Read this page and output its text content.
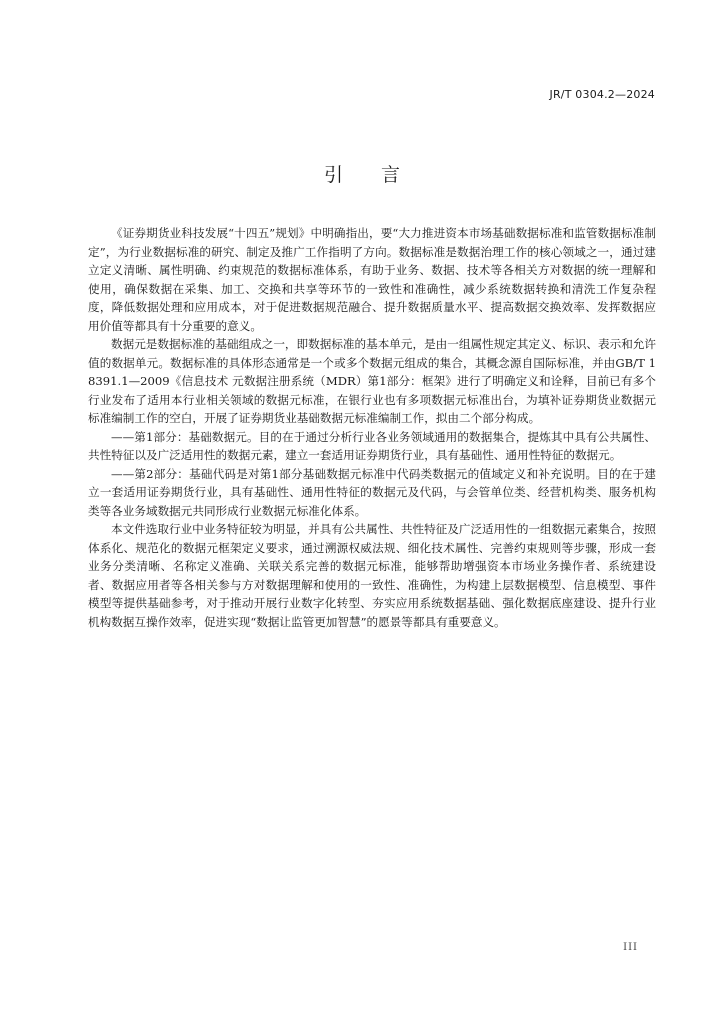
JR/T 0304.2—2024
引言

《证券期货业科技发展“十四五”规划》中明确指出，要“大力推进资本市场基础数据标准和监管数据标准制定”，为行业数据标准的研究、制定及推广工作指明了方向。数据标准是数据治理工作的核心领域之一，通过建立定义清晰、属性明确、约束规范的数据标准体系，有助于业务、数据、技术等各相关方对数据的统一理解和使用，确保数据在采集、加工、交换和共享等环节的一致性和准确性，减少系统数据转换和清洗工作复杂程度，降低数据处理和应用成本，对于促进数据规范融合、提升数据质量水平、提高数据交换效率、发挥数据应用价值等都具有十分重要的意义。

数据元是数据标准的基础组成之一，即数据标准的基本单元，是由一组属性规定其定义、标识、表示和允许值的数据单元。数据标准的具体形态通常是一个或多个数据元组成的集合，其概念源自国际标准，并由GB/T 18391.1—2009《信息技术 元数据注册系统（MDR）第1部分：框架》进行了明确定义和诠释，目前已有多个行业发布了适用本行业相关领域的数据元标准，在银行业也有多项数据元标准出台，为填补证券期货业数据元标准编制工作的空白，开展了证券期货业基础数据元标准编制工作，拟由二个部分构成。

——第1部分：基础数据元。目的在于通过分析行业各业务领域通用的数据集合，提炼其中具有公共属性、共性特征以及广泛适用性的数据元素，建立一套适用证券期货行业，具有基础性、通用性特征的数据元。

——第2部分：基础代码是对第1部分基础数据元标准中代码类数据元的值域定义和补充说明。目的在于建立一套适用证券期货行业，具有基础性、通用性特征的数据元及代码，与会管单位类、经营机构类、服务机构类等各业务域数据元共同形成行业数据元标准化体系。

本文件选取行业中业务特征较为明显，并具有公共属性、共性特征及广泛适用性的一组数据元素集合，按照体系化、规范化的数据元框架定义要求，通过溯源权威法规、细化技术属性、完善约束规则等步骤，形成一套业务分类清晰、名称定义准确、关联关系完善的数据元标准，能够帮助增强资本市场业务操作者、系统建设者、数据应用者等各相关参与方对数据理解和使用的一致性、准确性，为构建上层数据模型、信息模型、事件模型等提供基础参考，对于推动开展行业数字化转型、夯实应用系统数据基础、强化数据底座建设、提升行业机构数据互操作效率，促进实现“数据让监管更加智慧”的愿景等都具有重要意义。

III
